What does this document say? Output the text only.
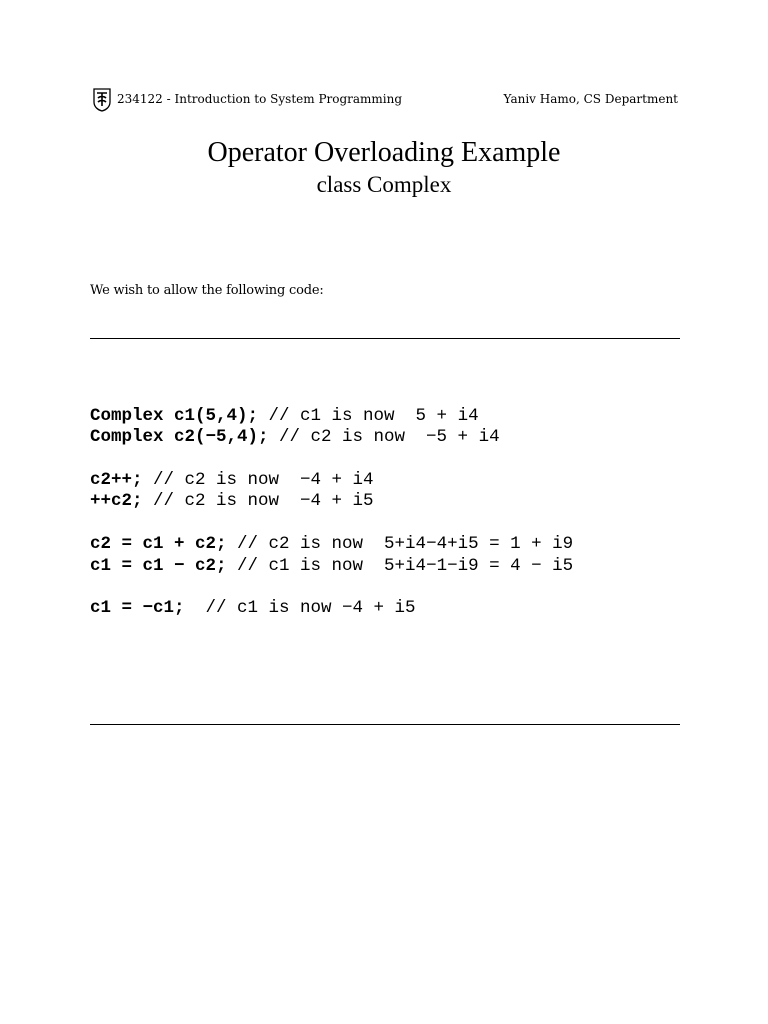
234122 - Introduction to System Programming	Yaniv Hamo, CS Department
Operator Overloading Example
class Complex
We wish to allow the following code:
Complex c1(5,4); // c1 is now  5 + i4
Complex c2(−5,4); // c2 is now  −5 + i4
c2++; // c2 is now  −4 + i4
++c2; // c2 is now  −4 + i5
c2 = c1 + c2; // c2 is now  5+i4−4+i5 = 1 + i9
c1 = c1 − c2; // c1 is now  5+i4−1−i9 = 4 − i5
c1 = −c1;  // c1 is now −4 + i5
